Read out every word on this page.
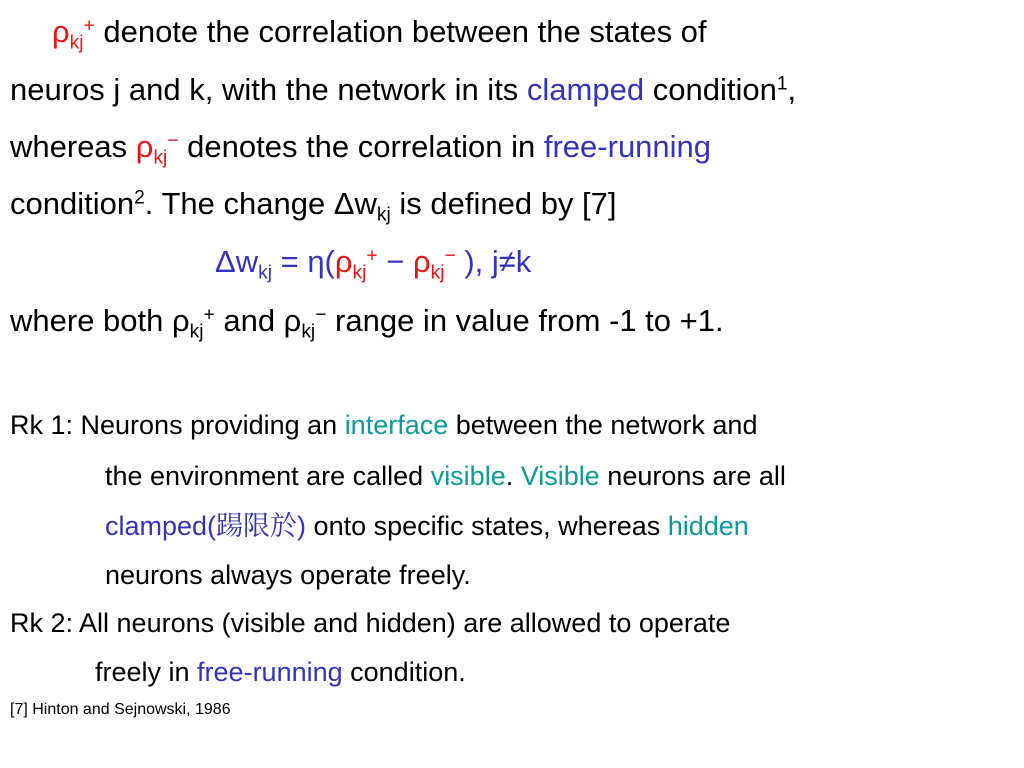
$\rho_{kj}^+$ denote the correlation between the states of
neuros j and k, with the network in its clamped condition$^1$,
whereas $\rho_{kj}^-$ denotes the correlation in free-running
condition$^2$. The change $\Delta w_{kj}$ is defined by [7]
$\Delta w_{kj} = \eta(\rho_{kj}^+ - \rho_{kj}^-$ ), j≠k
where both $\rho_{kj}^+$ and $\rho_{kj}^-$ range in value from -1 to +1.
Rk 1: Neurons providing an interface between the network and
the environment are called visible. Visible neurons are all
clamped(踼限於) onto specific states, whereas hidden
neurons always operate freely.
Rk 2: All neurons (visible and hidden) are allowed to operate
freely in free-running condition.
[7] Hinton and Sejnowski, 1986
